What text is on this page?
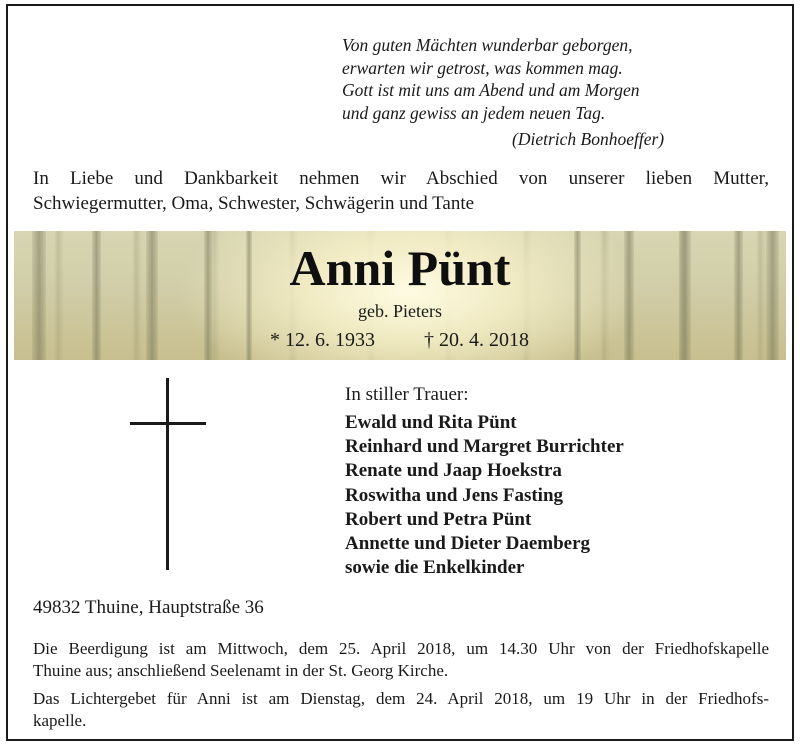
Von guten Mächten wunderbar geborgen,
erwarten wir getrost, was kommen mag.
Gott ist mit uns am Abend und am Morgen
und ganz gewiss an jedem neuen Tag.
(Dietrich Bonhoeffer)
In Liebe und Dankbarkeit nehmen wir Abschied von unserer lieben Mutter,
Schwiegermutter, Oma, Schwester, Schwägerin und Tante
Anni Pünt
geb. Pieters
* 12. 6. 1933 † 20. 4. 2018
In stiller Trauer:
Ewald und Rita Pünt
Reinhard und Margret Burrichter
Renate und Jaap Hoekstra
Roswitha und Jens Fasting
Robert und Petra Pünt
Annette und Dieter Daemberg
sowie die Enkelkinder
49832 Thuine, Hauptstraße 36
Die Beerdigung ist am Mittwoch, dem 25. April 2018, um 14.30 Uhr von der Friedhofskapelle
Thuine aus; anschließend Seelenamt in der St. Georg Kirche.
Das Lichtergebet für Anni ist am Dienstag, dem 24. April 2018, um 19 Uhr in der Friedhofs-
kapelle.
